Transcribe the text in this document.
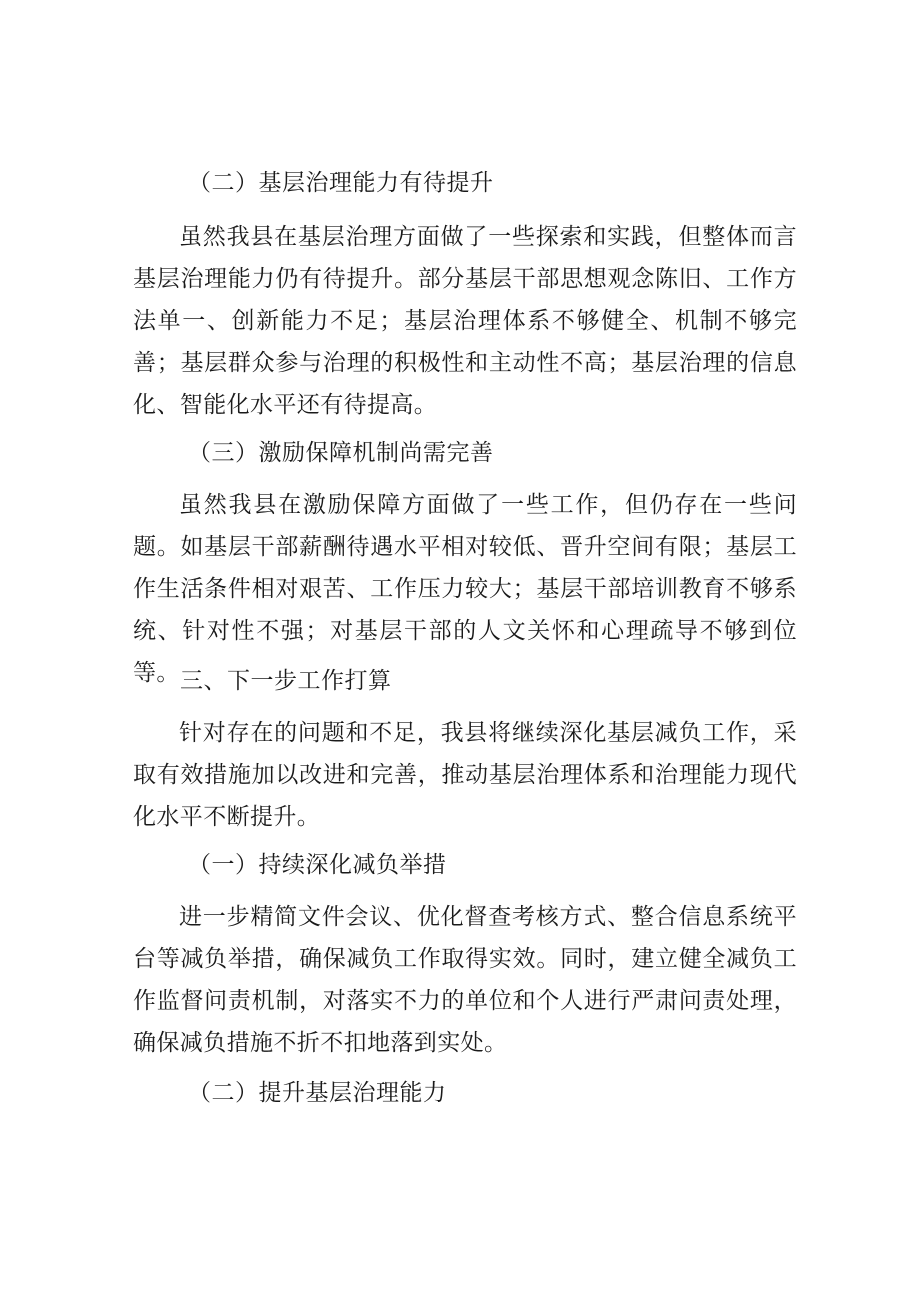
（二）基层治理能力有待提升

虽然我县在基层治理方面做了一些探索和实践，但整体而言基层治理能力仍有待提升。部分基层干部思想观念陈旧、工作方法单一、创新能力不足；基层治理体系不够健全、机制不够完善；基层群众参与治理的积极性和主动性不高；基层治理的信息化、智能化水平还有待提高。

（三）激励保障机制尚需完善

虽然我县在激励保障方面做了一些工作，但仍存在一些问题。如基层干部薪酬待遇水平相对较低、晋升空间有限；基层工作生活条件相对艰苦、工作压力较大；基层干部培训教育不够系统、针对性不强；对基层干部的人文关怀和心理疏导不够到位等。 三、下一步工作打算

针对存在的问题和不足，我县将继续深化基层减负工作，采取有效措施加以改进和完善，推动基层治理体系和治理能力现代化水平不断提升。

（一）持续深化减负举措

进一步精简文件会议、优化督查考核方式、整合信息系统平台等减负举措，确保减负工作取得实效。同时，建立健全减负工作监督问责机制，对落实不力的单位和个人进行严肃问责处理，确保减负措施不折不扣地落到实处。

（二）提升基层治理能力
